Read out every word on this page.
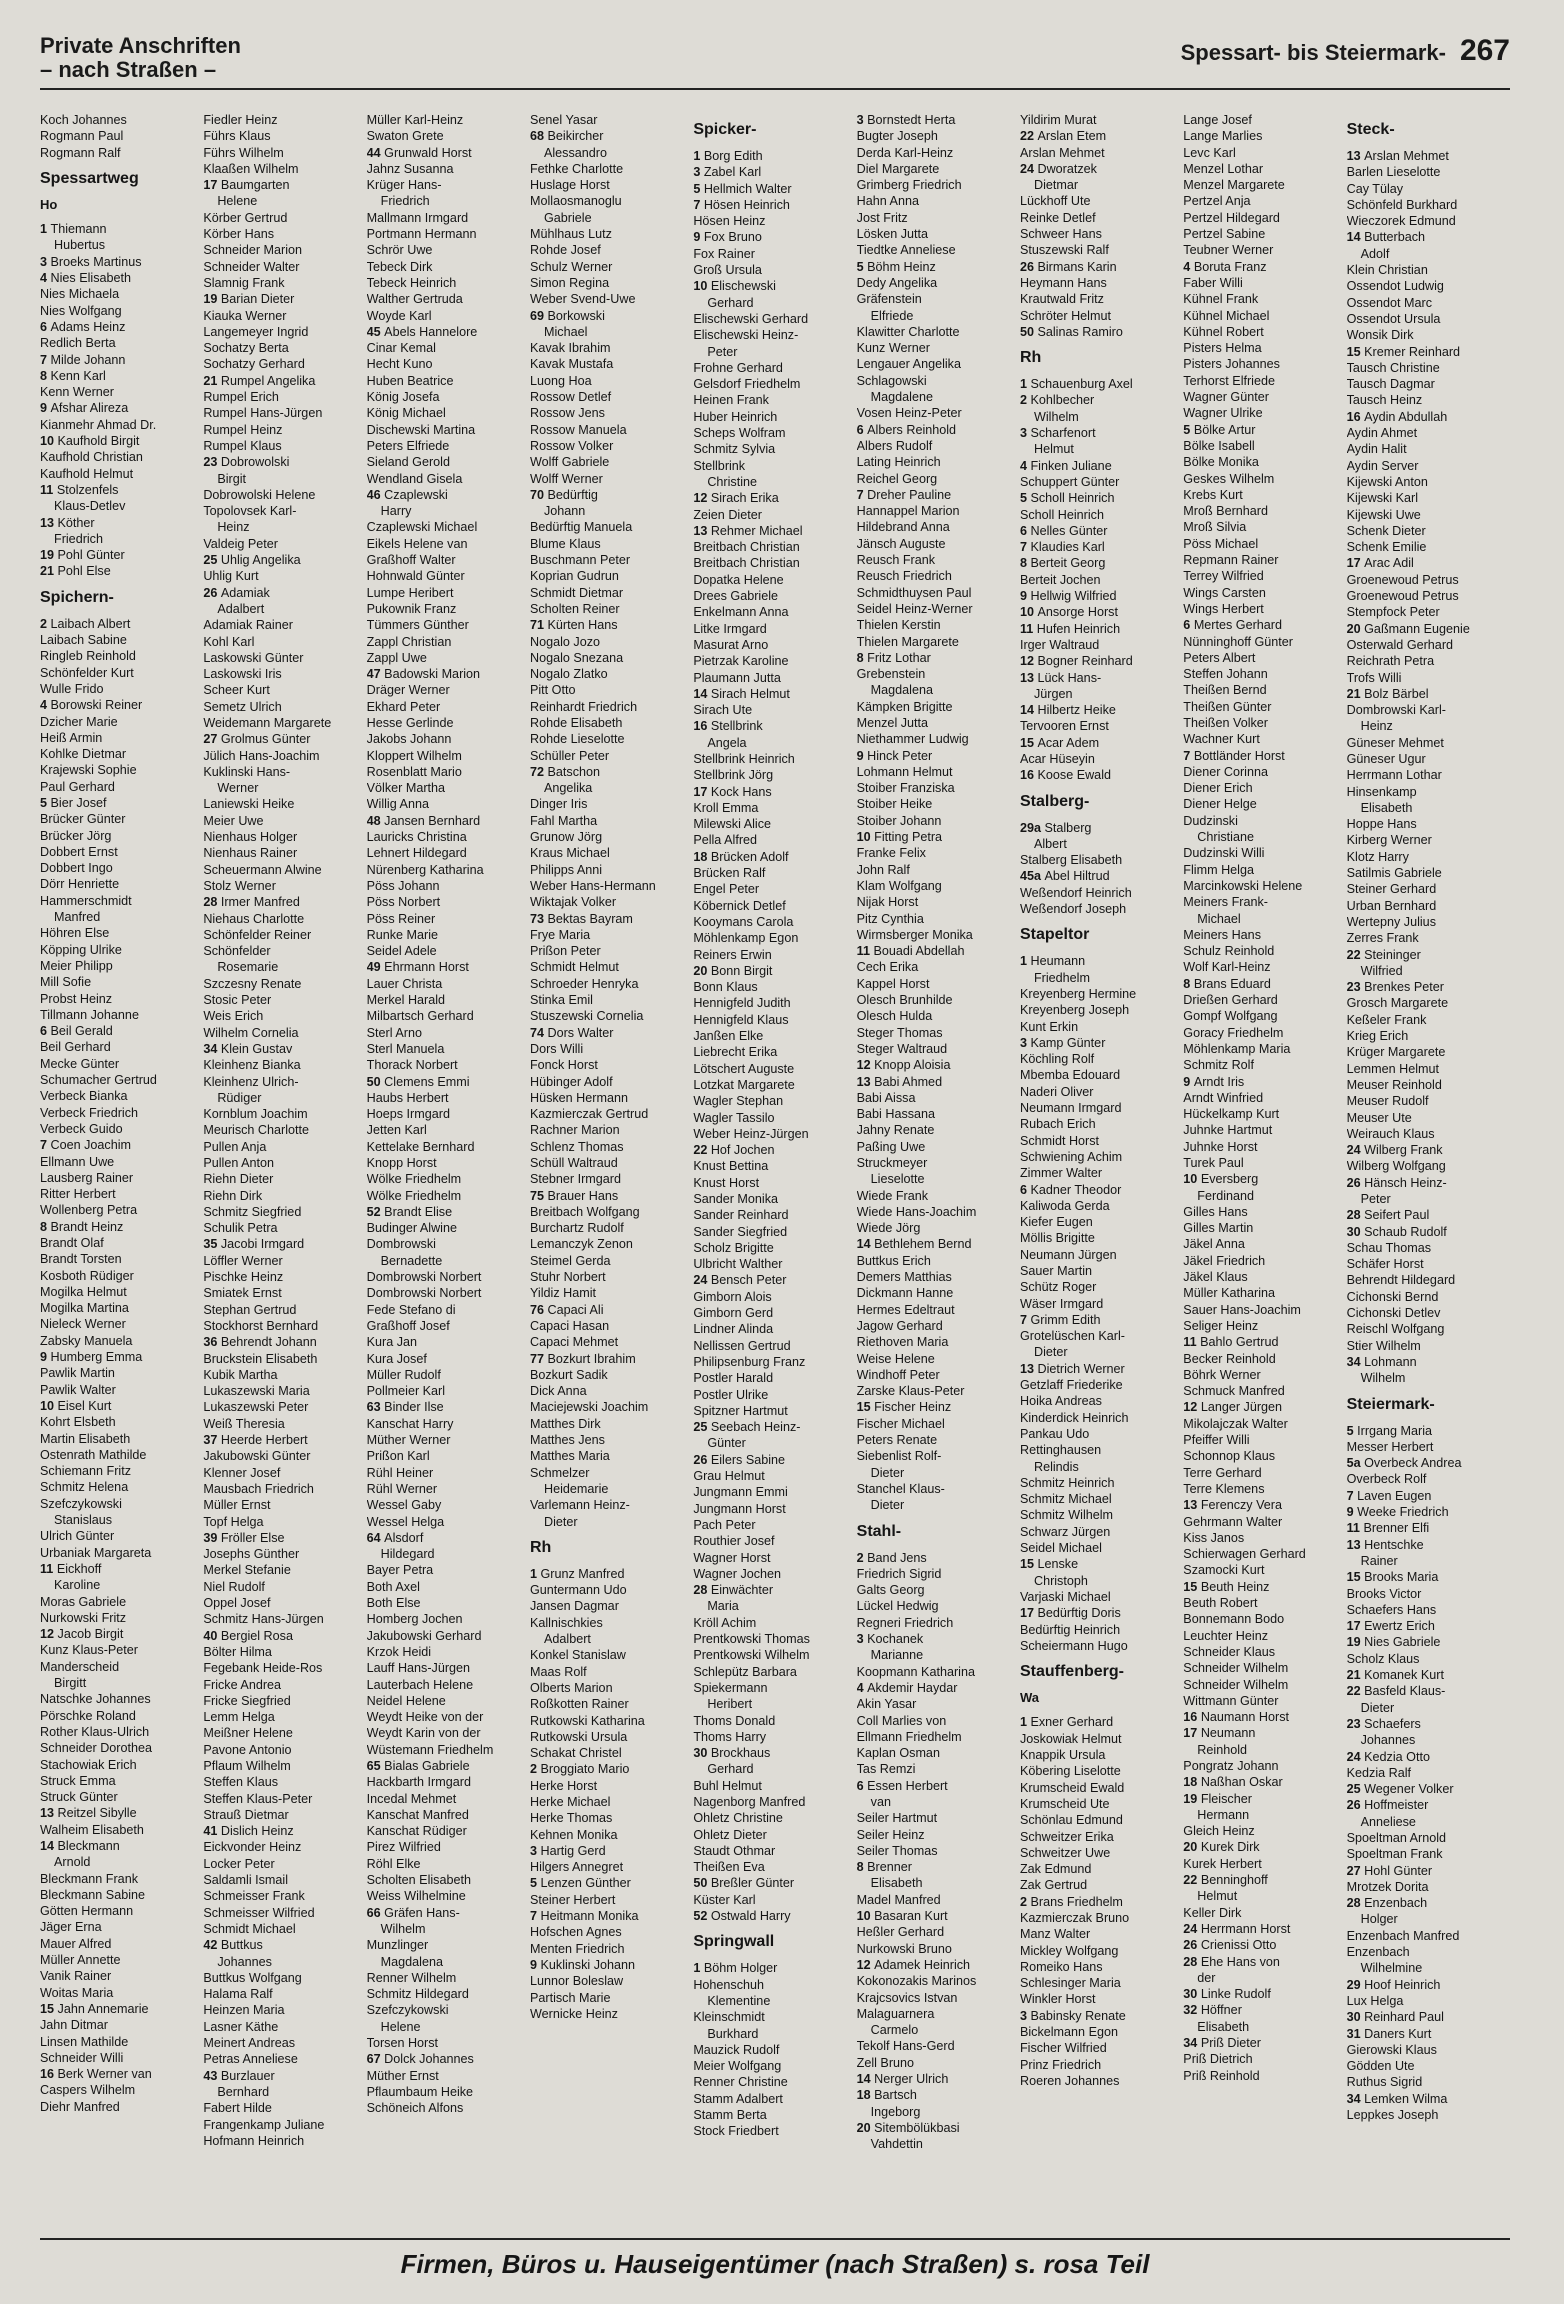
Private Anschriften
– nach Straßen –
Spessart- bis Steiermark- 267
Koch Johannes
Rogmann Paul
Rogmann Ralf
Spessartweg
Ho
1 Thiemann
Hubertus
3 Broeks Martinus
4 Nies Elisabeth
Nies Michaela
Nies Wolfgang
6 Adams Heinz
Redlich Berta
7 Milde Johann
8 Kenn Karl
Kenn Werner
9 Afshar Alireza
Kianmehr Ahmad Dr.
10 Kaufhold Birgit
Kaufhold Christian
Kaufhold Helmut
11 Stolzenfels
Klaus-Detlev
13 Köther
Friedrich
19 Pohl Günter
21 Pohl Else
Spichern-
2 Laibach Albert
Laibach Sabine
Ringleb Reinhold
Schönfelder Kurt
Wulle Frido
4 Borowski Reiner
Dzicher Marie
Heiß Armin
Kohlke Dietmar
Krajewski Sophie
Paul Gerhard
5 Bier Josef
Brücker Günter
Brücker Jörg
Dobbert Ernst
Dobbert Ingo
Dörr Henriette
Hammerschmidt
Manfred
Höhren Else
Köpping Ulrike
Meier Philipp
Mill Sofie
Probst Heinz
Tillmann Johanne
6 Beil Gerald
Beil Gerhard
Mecke Günter
Schumacher Gertrud
Verbeck Bianka
Verbeck Friedrich
Verbeck Guido
7 Coen Joachim
Ellmann Uwe
Lausberg Rainer
Ritter Herbert
Wollenberg Petra
8 Brandt Heinz
Brandt Olaf
Brandt Torsten
Kosboth Rüdiger
Mogilka Helmut
Mogilka Martina
Nieleck Werner
Zabsky Manuela
9 Humberg Emma
Pawlik Martin
Pawlik Walter
10 Eisel Kurt
Kohrt Elsbeth
Martin Elisabeth
Ostenrath Mathilde
Schiemann Fritz
Schmitz Helena
Szefczykowski
Stanislaus
Ulrich Günter
Urbaniak Margareta
11 Eickhoff
Karoline
Moras Gabriele
Nurkowski Fritz
12 Jacob Birgit
Kunz Klaus-Peter
Manderscheid
Birgitt
Natschke Johannes
Pörschke Roland
Rother Klaus-Ulrich
Schneider Dorothea
Stachowiak Erich
Struck Emma
Struck Günter
13 Reitzel Sibylle
Walheim Elisabeth
14 Bleckmann
Arnold
Bleckmann Frank
Bleckmann Sabine
Götten Hermann
Jäger Erna
Mauer Alfred
Müller Annette
Vanik Rainer
Woitas Maria
15 Jahn Annemarie
Jahn Ditmar
Linsen Mathilde
Schneider Willi
16 Berk Werner van
Caspers Wilhelm
Diehr Manfred
Fiedler Heinz
Führs Klaus
Führs Wilhelm
Klaaßen Wilhelm
17 Baumgarten
Helene
Körber Gertrud
Körber Hans
Schneider Marion
Schneider Walter
Slamnig Frank
19 Barian Dieter
Kiauka Werner
Langemeyer Ingrid
Sochatzy Berta
Sochatzy Gerhard
21 Rumpel Angelika
Rumpel Erich
Rumpel Hans-Jürgen
Rumpel Heinz
Rumpel Klaus
23 Dobrowolski
Birgit
Dobrowolski Helene
Topolovsek Karl-
Heinz
Valdeig Peter
25 Uhlig Angelika
Uhlig Kurt
26 Adamiak
Adalbert
Adamiak Rainer
Kohl Karl
Laskowski Günter
Laskowski Iris
Scheer Kurt
Semetz Ulrich
Weidemann Margarete
27 Grolmus Günter
Jülich Hans-Joachim
Kuklinski Hans-
Werner
Laniewski Heike
Meier Uwe
Nienhaus Holger
Nienhaus Rainer
Scheuermann Alwine
Stolz Werner
28 Irmer Manfred
Niehaus Charlotte
Schönfelder Reiner
Schönfelder
Rosemarie
Szczesny Renate
Stosic Peter
Weis Erich
Wilhelm Cornelia
34 Klein Gustav
Kleinhenz Bianka
Kleinhenz Ulrich-
Rüdiger
Kornblum Joachim
Meurisch Charlotte
Pullen Anja
Pullen Anton
Riehn Dieter
Riehn Dirk
Schmitz Siegfried
Schulik Petra
35 Jacobi Irmgard
Löffler Werner
Pischke Heinz
Smiatek Ernst
Stephan Gertrud
Stockhorst Bernhard
36 Behrendt Johann
Bruckstein Elisabeth
Kubik Martha
Lukaszewski Maria
Lukaszewski Peter
Weiß Theresia
37 Heerde Herbert
Jakubowski Günter
Klenner Josef
Mausbach Friedrich
Müller Ernst
Topf Helga
39 Fröller Else
Josephs Günther
Merkel Stefanie
Niel Rudolf
Oppel Josef
Schmitz Hans-Jürgen
40 Bergiel Rosa
Bölter Hilma
Fegebank Heide-Ros
Fricke Andrea
Fricke Siegfried
Lemm Helga
Meißner Helene
Pavone Antonio
Pflaum Wilhelm
Steffen Klaus
Steffen Klaus-Peter
Strauß Dietmar
41 Dislich Heinz
Eickvonder Heinz
Locker Peter
Saldamli Ismail
Schmeisser Frank
Schmeisser Wilfried
Schmidt Michael
42 Buttkus
Johannes
Buttkus Wolfgang
Halama Ralf
Heinzen Maria
Lasner Käthe
Meinert Andreas
Petras Anneliese
43 Burzlauer
Bernhard
Fabert Hilde
Frangenkamp Juliane
Hofmann Heinrich
Müller Karl-Heinz
Swaton Grete
44 Grunwald Horst
Jahnz Susanna
Krüger Hans-
Friedrich
Mallmann Irmgard
Portmann Hermann
Schrör Uwe
Tebeck Dirk
Tebeck Heinrich
Walther Gertruda
Woyde Karl
45 Abels Hannelore
Cinar Kemal
Hecht Kuno
Huben Beatrice
König Josefa
König Michael
Dischewski Martina
Peters Elfriede
Sieland Gerold
Wendland Gisela
46 Czaplewski
Harry
Czaplewski Michael
Eikels Helene van
Graßhoff Walter
Hohnwald Günter
Lumpe Heribert
Pukownik Franz
Tümmers Günther
Zappl Christian
Zappl Uwe
47 Badowski Marion
Dräger Werner
Ekhard Peter
Hesse Gerlinde
Jakobs Johann
Kloppert Wilhelm
Rosenblatt Mario
Völker Martha
Willig Anna
48 Jansen Bernhard
Lauricks Christina
Lehnert Hildegard
Nürenberg Katharina
Pöss Johann
Pöss Norbert
Pöss Reiner
Runke Marie
Seidel Adele
49 Ehrmann Horst
Lauer Christa
Merkel Harald
Milbartsch Gerhard
Sterl Arno
Sterl Manuela
Thorack Norbert
50 Clemens Emmi
Haubs Herbert
Hoeps Irmgard
Jetten Karl
Kettelake Bernhard
Knopp Horst
Wölke Friedhelm
Wölke Friedhelm
52 Brandt Elise
Budinger Alwine
Dombrowski
Bernadette
Dombrowski Norbert
Dombrowski Norbert
Fede Stefano di
Graßhoff Josef
Kura Jan
Kura Josef
Müller Rudolf
Pollmeier Karl
63 Binder Ilse
Kanschat Harry
Müther Werner
Prißon Karl
Rühl Heiner
Rühl Werner
Wessel Gaby
Wessel Helga
64 Alsdorf
Hildegard
Bayer Petra
Both Axel
Both Else
Homberg Jochen
Jakubowski Gerhard
Krzok Heidi
Lauff Hans-Jürgen
Lauterbach Helene
Neidel Helene
Weydt Heike von der
Weydt Karin von der
Wüstemann Friedhelm
65 Bialas Gabriele
Hackbarth Irmgard
Incedal Mehmet
Kanschat Manfred
Kanschat Rüdiger
Pirez Wilfried
Röhl Elke
Scholten Elisabeth
Weiss Wilhelmine
66 Gräfen Hans-
Wilhelm
Munzlinger
Magdalena
Renner Wilhelm
Schmitz Hildegard
Szefczykowski
Helene
Torsen Horst
67 Dolck Johannes
Müther Ernst
Pflaumbaum Heike
Schöneich Alfons
Senel Yasar
68 Beikircher
Alessandro
Fethke Charlotte
Huslage Horst
Mollaosmanoglu
Gabriele
Mühlhaus Lutz
Rohde Josef
Schulz Werner
Simon Regina
Weber Svend-Uwe
69 Borkowski
Michael
Kavak Ibrahim
Kavak Mustafa
Luong Hoa
Rossow Detlef
Rossow Jens
Rossow Manuela
Rossow Volker
Wolff Gabriele
Wolff Werner
70 Bedürftig
Johann
Bedürftig Manuela
Blume Klaus
Buschmann Peter
Koprian Gudrun
Schmidt Dietmar
Scholten Reiner
71 Kürten Hans
Nogalo Jozo
Nogalo Snezana
Nogalo Zlatko
Pitt Otto
Reinhardt Friedrich
Rohde Elisabeth
Rohde Lieselotte
Schüller Peter
72 Batschon
Angelika
Dinger Iris
Fahl Martha
Grunow Jörg
Kraus Michael
Philipps Anni
Weber Hans-Hermann
Wiktajak Volker
73 Bektas Bayram
Frye Maria
Prißon Peter
Schmidt Helmut
Schroeder Henryka
Stinka Emil
Stuszewski Cornelia
74 Dors Walter
Dors Willi
Fonck Horst
Hübinger Adolf
Hüsken Hermann
Kazmierczak Gertrud
Rachner Marion
Schlenz Thomas
Schüll Waltraud
Stebner Irmgard
75 Brauer Hans
Breitbach Wolfgang
Burchartz Rudolf
Lemanczyk Zenon
Steimel Gerda
Stuhr Norbert
Yildiz Hamit
76 Capaci Ali
Capaci Hasan
Capaci Mehmet
77 Bozkurt Ibrahim
Bozkurt Sadik
Dick Anna
Maciejewski Joachim
Matthes Dirk
Matthes Jens
Matthes Maria
Schmelzer
Heidemarie
Varlemann Heinz-
Dieter
Rh
1 Grunz Manfred
Guntermann Udo
Jansen Dagmar
Kallnischkies
Adalbert
Konkel Stanislaw
Maas Rolf
Olberts Marion
Roßkotten Rainer
Rutkowski Katharina
Rutkowski Ursula
Schakat Christel
2 Broggiato Mario
Herke Horst
Herke Michael
Herke Thomas
Kehnen Monika
3 Hartig Gerd
Hilgers Annegret
5 Lenzen Günther
Steiner Herbert
7 Heitmann Monika
Hofschen Agnes
Menten Friedrich
9 Kuklinski Johann
Lunnor Boleslaw
Partisch Marie
Wernicke Heinz
Spicker-
1 Borg Edith
3 Zabel Karl
5 Hellmich Walter
7 Hösen Heinrich
Hösen Heinz
9 Fox Bruno
Fox Rainer
Groß Ursula
10 Elischewski
Gerhard
Elischewski Gerhard
Elischewski Heinz-
Peter
Frohne Gerhard
Gelsdorf Friedhelm
Heinen Frank
Huber Heinrich
Scheps Wolfram
Schmitz Sylvia
Stellbrink
Christine
12 Sirach Erika
Zeien Dieter
13 Rehmer Michael
Breitbach Christian
Breitbach Christian
Dopatka Helene
Drees Gabriele
Enkelmann Anna
Litke Irmgard
Masurat Arno
Pietrzak Karoline
Plaumann Jutta
14 Sirach Helmut
Sirach Ute
16 Stellbrink
Angela
Stellbrink Heinrich
Stellbrink Jörg
17 Kock Hans
Kroll Emma
Milewski Alice
Pella Alfred
18 Brücken Adolf
Brücken Ralf
Engel Peter
Köbernick Detlef
Kooymans Carola
Möhlenkamp Egon
Reiners Erwin
20 Bonn Birgit
Bonn Klaus
Hennigfeld Judith
Hennigfeld Klaus
Janßen Elke
Liebrecht Erika
Lötschert Auguste
Lotzkat Margarete
Wagler Stephan
Wagler Tassilo
Weber Heinz-Jürgen
22 Hof Jochen
Knust Bettina
Knust Horst
Sander Monika
Sander Reinhard
Sander Siegfried
Scholz Brigitte
Ulbricht Walther
24 Bensch Peter
Gimborn Alois
Gimborn Gerd
Lindner Alinda
Nellissen Gertrud
Philipsenburg Franz
Postler Harald
Postler Ulrike
Spitzner Hartmut
25 Seebach Heinz-
Günter
26 Eilers Sabine
Grau Helmut
Jungmann Emmi
Jungmann Horst
Pach Peter
Routhier Josef
Wagner Horst
Wagner Jochen
28 Einwächter
Maria
Kröll Achim
Prentkowski Thomas
Prentkowski Wilhelm
Schlepütz Barbara
Spiekermann
Heribert
Thoms Donald
Thoms Harry
30 Brockhaus
Gerhard
Buhl Helmut
Nagenborg Manfred
Ohletz Christine
Ohletz Dieter
Staudt Othmar
Theißen Eva
50 Breßler Günter
Küster Karl
52 Ostwald Harry
Springwall
1 Böhm Holger
Hohenschuh
Klementine
Kleinschmidt
Burkhard
Mauzick Rudolf
Meier Wolfgang
Renner Christine
Stamm Adalbert
Stamm Berta
Stock Friedbert
3 Bornstedt Herta
Bugter Joseph
Derda Karl-Heinz
Diel Margarete
Grimberg Friedrich
Hahn Anna
Jost Fritz
Lösken Jutta
Tiedtke Anneliese
5 Böhm Heinz
Dedy Angelika
Gräfenstein
Elfriede
Klawitter Charlotte
Kunz Werner
Lengauer Angelika
Schlagowski
Magdalene
Vosen Heinz-Peter
6 Albers Reinhold
Albers Rudolf
Lating Heinrich
Reichel Georg
7 Dreher Pauline
Hannappel Marion
Hildebrand Anna
Jänsch Auguste
Reusch Frank
Reusch Friedrich
Schmidthuysen Paul
Seidel Heinz-Werner
Thielen Kerstin
Thielen Margarete
8 Fritz Lothar
Grebenstein
Magdalena
Kämpken Brigitte
Menzel Jutta
Niethammer Ludwig
9 Hinck Peter
Lohmann Helmut
Stoiber Franziska
Stoiber Heike
Stoiber Johann
10 Fitting Petra
Franke Felix
John Ralf
Klam Wolfgang
Nijak Horst
Pitz Cynthia
Wirmsberger Monika
11 Bouadi Abdellah
Cech Erika
Kappel Horst
Olesch Brunhilde
Olesch Hulda
Steger Thomas
Steger Waltraud
12 Knopp Aloisia
13 Babi Ahmed
Babi Aissa
Babi Hassana
Jahny Renate
Paßing Uwe
Struckmeyer
Lieselotte
Wiede Frank
Wiede Hans-Joachim
Wiede Jörg
14 Bethlehem Bernd
Buttkus Erich
Demers Matthias
Dickmann Hanne
Hermes Edeltraut
Jagow Gerhard
Riethoven Maria
Weise Helene
Windhoff Peter
Zarske Klaus-Peter
15 Fischer Heinz
Fischer Michael
Peters Renate
Siebenlist Rolf-
Dieter
Stanchel Klaus-
Dieter
Stahl-
2 Band Jens
Friedrich Sigrid
Galts Georg
Lückel Hedwig
Regneri Friedrich
3 Kochanek
Marianne
Koopmann Katharina
4 Akdemir Haydar
Akin Yasar
Coll Marlies von
Ellmann Friedhelm
Kaplan Osman
Tas Remzi
6 Essen Herbert
van
Seiler Hartmut
Seiler Heinz
Seiler Thomas
8 Brenner
Elisabeth
Madel Manfred
10 Basaran Kurt
Heßler Gerhard
Nurkowski Bruno
12 Adamek Heinrich
Kokonozakis Marinos
Krajcsovics Istvan
Malaguarnera
Carmelo
Tekolf Hans-Gerd
Zell Bruno
14 Nerger Ulrich
18 Bartsch
Ingeborg
20 Sitembölükbasi
Vahdettin
Yildirim Murat
22 Arslan Etem
Arslan Mehmet
24 Dworatzek
Dietmar
Lückhoff Ute
Reinke Detlef
Schweer Hans
Stuszewski Ralf
26 Birmans Karin
Heymann Hans
Krautwald Fritz
Schröter Helmut
50 Salinas Ramiro
Rh
1 Schauenburg Axel
2 Kohlbecher
Wilhelm
3 Scharfenort
Helmut
4 Finken Juliane
Schuppert Günter
5 Scholl Heinrich
Scholl Heinrich
6 Nelles Günter
7 Klaudies Karl
8 Berteit Georg
Berteit Jochen
9 Hellwig Wilfried
10 Ansorge Horst
11 Hufen Heinrich
Irger Waltraud
12 Bogner Reinhard
13 Lück Hans-
Jürgen
14 Hilbertz Heike
Tervooren Ernst
15 Acar Adem
Acar Hüseyin
16 Koose Ewald
Stalberg-
29a Stalberg
Albert
Stalberg Elisabeth
45a Abel Hiltrud
Weßendorf Heinrich
Weßendorf Joseph
Stapeltor
1 Heumann
Friedhelm
Kreyenberg Hermine
Kreyenberg Joseph
Kunt Erkin
3 Kamp Günter
Köchling Rolf
Mbemba Edouard
Naderi Oliver
Neumann Irmgard
Rubach Erich
Schmidt Horst
Schwiening Achim
Zimmer Walter
6 Kadner Theodor
Kaliwoda Gerda
Kiefer Eugen
Möllis Brigitte
Neumann Jürgen
Sauer Martin
Schütz Roger
Wäser Irmgard
7 Grimm Edith
Grotelüschen Karl-
Dieter
13 Dietrich Werner
Getzlaff Friederike
Hoika Andreas
Kinderdick Heinrich
Pankau Udo
Rettinghausen
Relindis
Schmitz Heinrich
Schmitz Michael
Schmitz Wilhelm
Schwarz Jürgen
Seidel Michael
15 Lenske
Christoph
Varjaski Michael
17 Bedürftig Doris
Bedürftig Heinrich
Scheiermann Hugo
Stauffenberg-
Wa
1 Exner Gerhard
Joskowiak Helmut
Knappik Ursula
Köbering Liselotte
Krumscheid Ewald
Krumscheid Ute
Schönlau Edmund
Schweitzer Erika
Schweitzer Uwe
Zak Edmund
Zak Gertrud
2 Brans Friedhelm
Kazmierczak Bruno
Manz Walter
Mickley Wolfgang
Romeiko Hans
Schlesinger Maria
Winkler Horst
3 Babinsky Renate
Bickelmann Egon
Fischer Wilfried
Prinz Friedrich
Roeren Johannes
Lange Josef
Lange Marlies
Levc Karl
Menzel Lothar
Menzel Margarete
Pertzel Anja
Pertzel Hildegard
Pertzel Sabine
Teubner Werner
4 Boruta Franz
Faber Willi
Kühnel Frank
Kühnel Michael
Kühnel Robert
Pisters Helma
Pisters Johannes
Terhorst Elfriede
Wagner Günter
Wagner Ulrike
5 Bölke Artur
Bölke Isabell
Bölke Monika
Geskes Wilhelm
Krebs Kurt
Mroß Bernhard
Mroß Silvia
Pöss Michael
Repmann Rainer
Terrey Wilfried
Wings Carsten
Wings Herbert
6 Mertes Gerhard
Nünninghoff Günter
Peters Albert
Steffen Johann
Theißen Bernd
Theißen Günter
Theißen Volker
Wachner Kurt
7 Bottländer Horst
Diener Corinna
Diener Erich
Diener Helge
Dudzinski
Christiane
Dudzinski Willi
Flimm Helga
Marcinkowski Helene
Meiners Frank-
Michael
Meiners Hans
Schulz Reinhold
Wolf Karl-Heinz
8 Brans Eduard
Drießen Gerhard
Gompf Wolfgang
Goracy Friedhelm
Möhlenkamp Maria
Schmitz Rolf
9 Arndt Iris
Arndt Winfried
Hückelkamp Kurt
Juhnke Hartmut
Juhnke Horst
Turek Paul
10 Eversberg
Ferdinand
Gilles Hans
Gilles Martin
Jäkel Anna
Jäkel Friedrich
Jäkel Klaus
Müller Katharina
Sauer Hans-Joachim
Seliger Heinz
11 Bahlo Gertrud
Becker Reinhold
Böhrk Werner
Schmuck Manfred
12 Langer Jürgen
Mikolajczak Walter
Pfeiffer Willi
Schonnop Klaus
Terre Gerhard
Terre Klemens
13 Ferenczy Vera
Gehrmann Walter
Kiss Janos
Schierwagen Gerhard
Szamocki Kurt
15 Beuth Heinz
Beuth Robert
Bonnemann Bodo
Leuchter Heinz
Schneider Klaus
Schneider Wilhelm
Schneider Wilhelm
Wittmann Günter
16 Naumann Horst
17 Neumann
Reinhold
Pongratz Johann
18 Naßhan Oskar
19 Fleischer
Hermann
Gleich Heinz
20 Kurek Dirk
Kurek Herbert
22 Benninghoff
Helmut
Keller Dirk
24 Herrmann Horst
26 Crienissi Otto
28 Ehe Hans von
der
30 Linke Rudolf
32 Höffner
Elisabeth
34 Priß Dieter
Priß Dietrich
Priß Reinhold
Steck-
13 Arslan Mehmet
Barlen Lieselotte
Cay Tülay
Schönfeld Burkhard
Wieczorek Edmund
14 Butterbach
Adolf
Klein Christian
Ossendot Ludwig
Ossendot Marc
Ossendot Ursula
Wonsik Dirk
15 Kremer Reinhard
Tausch Christine
Tausch Dagmar
Tausch Heinz
16 Aydin Abdullah
Aydin Ahmet
Aydin Halit
Aydin Server
Kijewski Anton
Kijewski Karl
Kijewski Uwe
Schenk Dieter
Schenk Emilie
17 Arac Adil
Groenewoud Petrus
Groenewoud Petrus
Stempfock Peter
20 Gaßmann Eugenie
Osterwald Gerhard
Reichrath Petra
Trofs Willi
21 Bolz Bärbel
Dombrowski Karl-
Heinz
Güneser Mehmet
Güneser Ugur
Herrmann Lothar
Hinsenkamp
Elisabeth
Hoppe Hans
Kirberg Werner
Klotz Harry
Satilmis Gabriele
Steiner Gerhard
Urban Bernhard
Wertepny Julius
Zerres Frank
22 Steininger
Wilfried
23 Brenkes Peter
Grosch Margarete
Keßeler Frank
Krieg Erich
Krüger Margarete
Lemmen Helmut
Meuser Reinhold
Meuser Rudolf
Meuser Ute
Weirauch Klaus
24 Wilberg Frank
Wilberg Wolfgang
26 Hänsch Heinz-
Peter
28 Seifert Paul
30 Schaub Rudolf
Schau Thomas
Schäfer Horst
Behrendt Hildegard
Cichonski Bernd
Cichonski Detlev
Reischl Wolfgang
Stier Wilhelm
34 Lohmann
Wilhelm
Steiermark-
5 Irrgang Maria
Messer Herbert
5a Overbeck Andrea
Overbeck Rolf
7 Laven Eugen
9 Weeke Friedrich
11 Brenner Elfi
13 Hentschke
Rainer
15 Brooks Maria
Brooks Victor
Schaefers Hans
17 Ewertz Erich
19 Nies Gabriele
Scholz Klaus
21 Komanek Kurt
22 Basfeld Klaus-
Dieter
23 Schaefers
Johannes
24 Kedzia Otto
Kedzia Ralf
25 Wegener Volker
26 Hoffmeister
Anneliese
Spoeltman Arnold
Spoeltman Frank
27 Hohl Günter
Mrotzek Dorita
28 Enzenbach
Holger
Enzenbach Manfred
Enzenbach
Wilhelmine
29 Hoof Heinrich
Lux Helga
30 Reinhard Paul
31 Daners Kurt
Gierowski Klaus
Gödden Ute
Ruthus Sigrid
34 Lemken Wilma
Leppkes Joseph
Firmen, Büros u. Hauseigentümer (nach Straßen) s. rosa Teil
